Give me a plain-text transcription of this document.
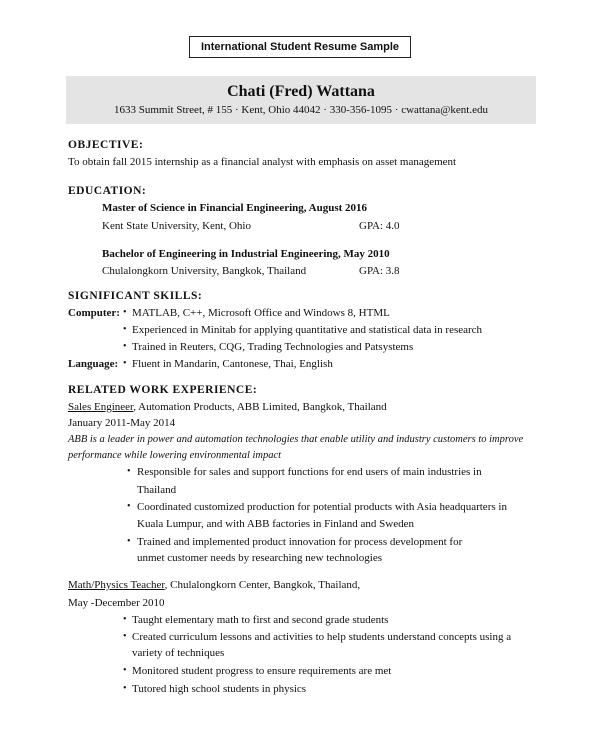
International Student Resume Sample
Chati (Fred) Wattana
1633 Summit Street, # 155 · Kent, Ohio 44042 · 330-356-1095 · cwattana@kent.edu
OBJECTIVE:
To obtain fall 2015 internship as a financial analyst with emphasis on asset management
EDUCATION:
Master of Science in Financial Engineering, August 2016
Kent State University, Kent, Ohio	GPA: 4.0
Bachelor of Engineering in Industrial Engineering, May 2010
Chulalongkorn University, Bangkok, Thailand	GPA: 3.8
SIGNIFICANT SKILLS:
Computer: • MATLAB, C++, Microsoft Office and Windows 8, HTML
• Experienced in Minitab for applying quantitative and statistical data in research
• Trained in Reuters, CQG, Trading Technologies and Patsystems
Language: • Fluent in Mandarin, Cantonese, Thai, English
RELATED WORK EXPERIENCE:
Sales Engineer, Automation Products, ABB Limited, Bangkok, Thailand
January 2011-May 2014
ABB is a leader in power and automation technologies that enable utility and industry customers to improve
performance while lowering environmental impact
• Responsible for sales and support functions for end users of main industries in
Thailand
• Coordinated customized production for potential products with Asia headquarters in
Kuala Lumpur, and with ABB factories in Finland and Sweden
• Trained and implemented product innovation for process development for
unmet customer needs by researching new technologies
Math/Physics Teacher, Chulalongkorn Center, Bangkok, Thailand,
May -December 2010
• Taught elementary math to first and second grade students
• Created curriculum lessons and activities to help students understand concepts using a
variety of techniques
• Monitored student progress to ensure requirements are met
• Tutored high school students in physics
